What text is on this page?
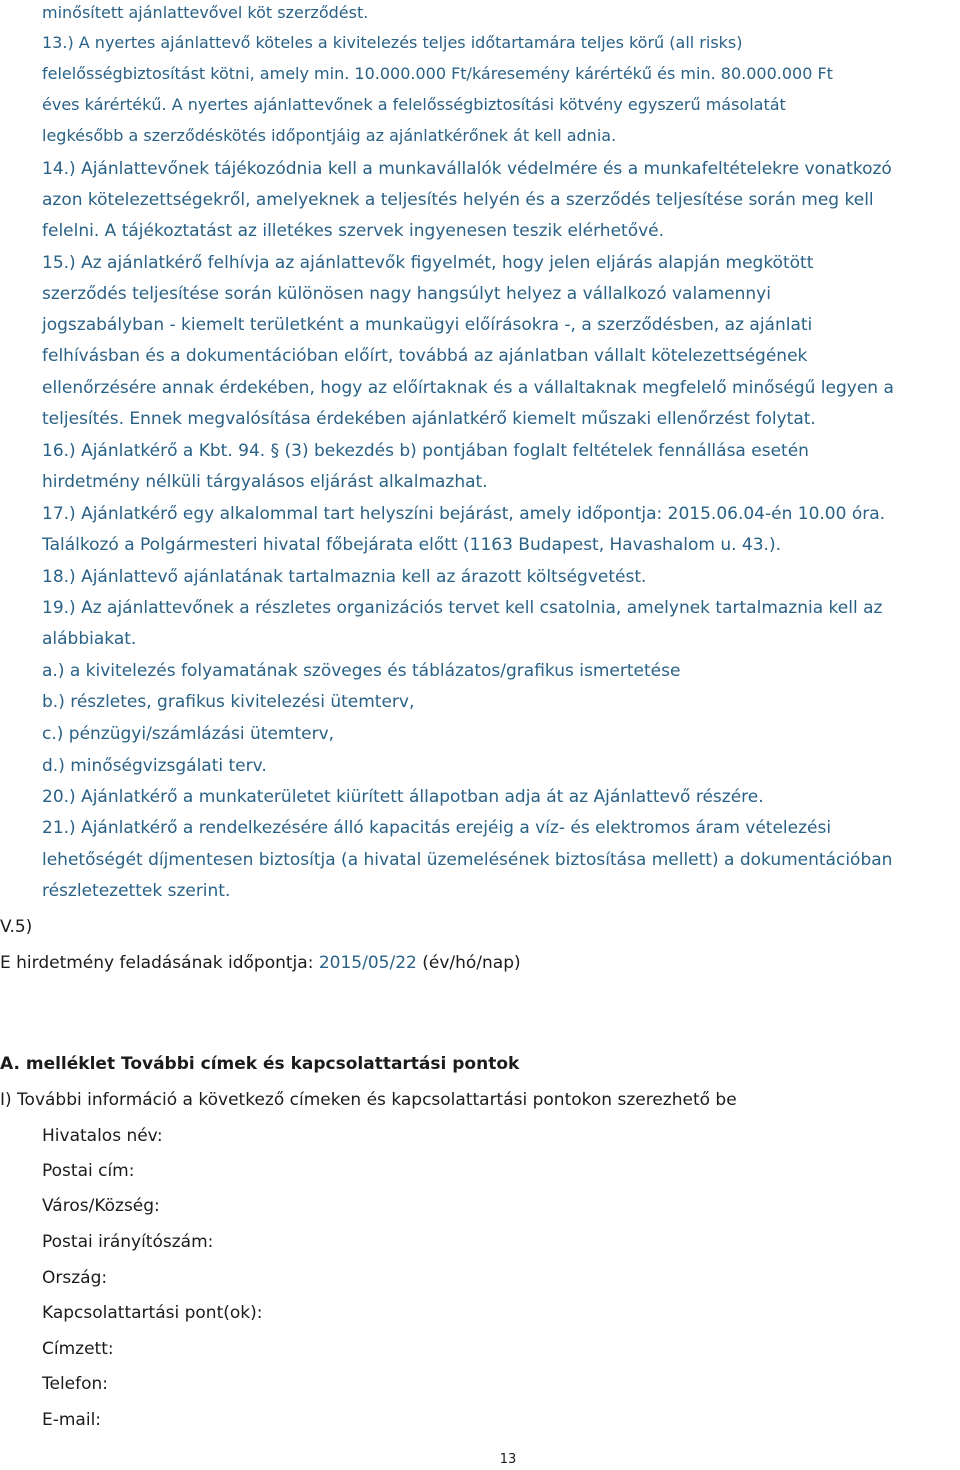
minősített ajánlattevővel köt szerződést.
13.) A nyertes ajánlattevő köteles a kivitelezés teljes időtartamára teljes körű (all risks)
felelősségbiztosítást kötni, amely min. 10.000.000 Ft/káresemény kárértékű és min. 80.000.000 Ft
éves kárértékű. A nyertes ajánlattevőnek a felelősségbiztosítási kötvény egyszerű másolatát
legkésőbb a szerződéskötés időpontjáig az ajánlatkérőnek át kell adnia.
14.) Ajánlattevőnek tájékozódnia kell a munkavállalók védelmére és a munkafeltételekre vonatkozó
azon kötelezettségekről, amelyeknek a teljesítés helyén és a szerződés teljesítése során meg kell
felelni. A tájékoztatást az illetékes szervek ingyenesen teszik elérhetővé.
15.) Az ajánlatkérő felhívja az ajánlattevők figyelmét, hogy jelen eljárás alapján megkötött
szerződés teljesítése során különösen nagy hangsúlyt helyez a vállalkozó valamennyi
jogszabályban - kiemelt területként a munkaügyi előírásokra -, a szerződésben, az ajánlati
felhívásban és a dokumentációban előírt, továbbá az ajánlatban vállalt kötelezettségének
ellenőrzésére annak érdekében, hogy az előírtaknak és a vállaltaknak megfelelő minőségű legyen a
teljesítés. Ennek megvalósítása érdekében ajánlatkérő kiemelt műszaki ellenőrzést folytat.
16.) Ajánlatkérő a Kbt. 94. § (3) bekezdés b) pontjában foglalt feltételek fennállása esetén
hirdetmény nélküli tárgyalásos eljárást alkalmazhat.
17.) Ajánlatkérő egy alkalommal tart helyszíni bejárást, amely időpontja: 2015.06.04-én 10.00 óra.
Találkozó a Polgármesteri hivatal főbejárata előtt (1163 Budapest, Havashalom u. 43.).
18.) Ajánlattevő ajánlatának tartalmaznia kell az árazott költségvetést.
19.) Az ajánlattevőnek a részletes organizációs tervet kell csatolnia, amelynek tartalmaznia kell az
alábbiakat.
a.) a kivitelezés folyamatának szöveges és táblázatos/grafikus ismertetése
b.) részletes, grafikus kivitelezési ütemterv,
c.) pénzügyi/számlázási ütemterv,
d.) minőségvizsgálati terv.
20.) Ajánlatkérő a munkaterületet kiürített állapotban adja át az Ajánlattevő részére.
21.) Ajánlatkérő a rendelkezésére álló kapacitás erejéig a víz- és elektromos áram vételezési
lehetőségét díjmentesen biztosítja (a hivatal üzemelésének biztosítása mellett) a dokumentációban
részletezettek szerint.
V.5)
E hirdetmény feladásának időpontja: 2015/05/22 (év/hó/nap)
A. melléklet További címek és kapcsolattartási pontok
I) További információ a következő címeken és kapcsolattartási pontokon szerezhető be
Hivatalos név:
Postai cím:
Város/Község:
Postai irányítószám:
Ország:
Kapcsolattartási pont(ok):
Címzett:
Telefon:
E-mail:
13
